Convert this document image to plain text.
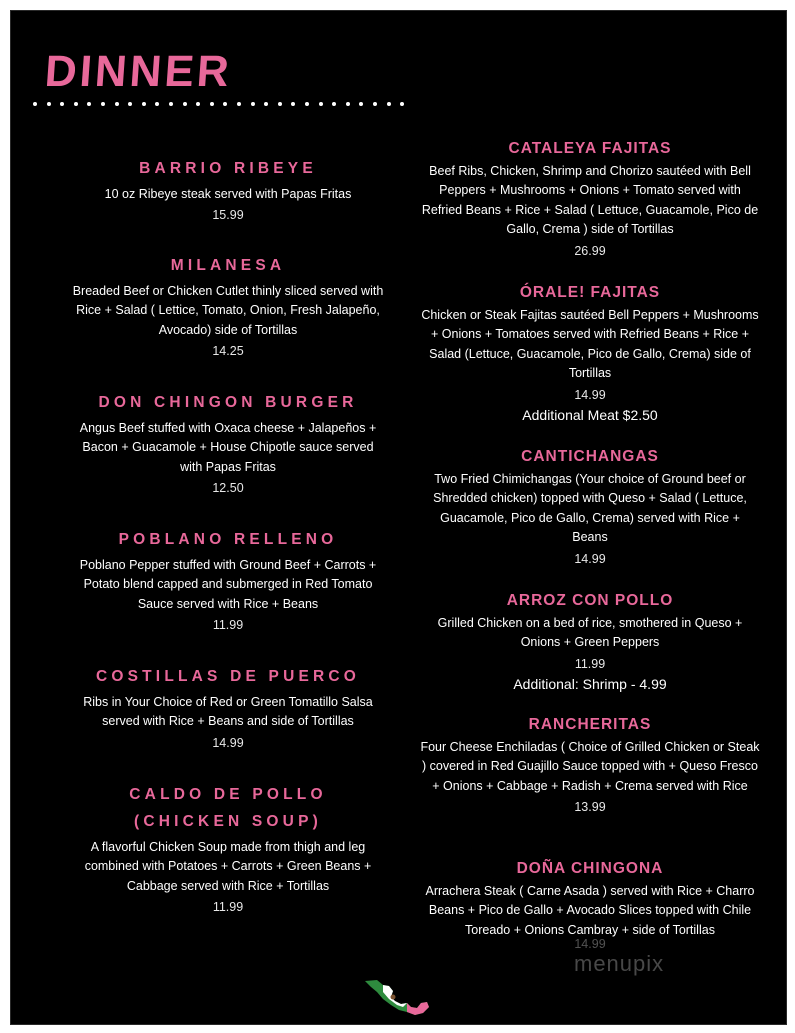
DINNER
BARRIO RIBEYE
10 oz Ribeye steak served with Papas Fritas
15.99
MILANESA
Breaded Beef or Chicken Cutlet thinly sliced served with Rice + Salad ( Lettice, Tomato, Onion, Fresh Jalapeño, Avocado) side of Tortillas
14.25
DON CHINGON BURGER
Angus Beef stuffed with Oxaca cheese + Jalapeños + Bacon + Guacamole + House Chipotle sauce served with Papas Fritas
12.50
POBLANO RELLENO
Poblano Pepper stuffed with Ground Beef + Carrots + Potato blend capped and submerged in Red Tomato Sauce served with Rice + Beans
11.99
COSTILLAS DE PUERCO
Ribs in Your Choice of Red or Green Tomatillo Salsa served with Rice + Beans and side of Tortillas
14.99
CALDO DE POLLO
(CHICKEN SOUP)
A flavorful Chicken Soup made from thigh and leg combined with Potatoes + Carrots + Green Beans + Cabbage served with Rice + Tortillas
11.99
CATALEYA FAJITAS
Beef Ribs, Chicken, Shrimp and Chorizo sautéed with Bell Peppers + Mushrooms + Onions + Tomato served with Refried Beans + Rice + Salad ( Lettuce, Guacamole, Pico de Gallo, Crema ) side of Tortillas
26.99
ÓRALE! FAJITAS
Chicken or Steak Fajitas sautéed Bell Peppers + Mushrooms + Onions + Tomatoes served with Refried Beans + Rice + Salad (Lettuce, Guacamole, Pico de Gallo, Crema) side of Tortillas
14.99
Additional Meat $2.50
CANTICHANGAS
Two Fried Chimichangas (Your choice of Ground beef or Shredded chicken) topped with Queso + Salad ( Lettuce, Guacamole, Pico de Gallo, Crema) served with Rice + Beans
14.99
ARROZ CON POLLO
Grilled Chicken on a bed of rice, smothered in Queso + Onions + Green Peppers
11.99
Additional: Shrimp - 4.99
RANCHERITAS
Four Cheese Enchiladas ( Choice of Grilled Chicken or Steak ) covered in Red Guajillo Sauce topped with + Queso Fresco + Onions + Cabbage + Radish + Crema served with Rice
13.99
DOÑA CHINGONA
Arrachera Steak ( Carne Asada ) served with Rice + Charro Beans + Pico de Gallo + Avocado Slices topped with Chile Toreado + Onions Cambray + side of Tortillas
14.99
menupix
